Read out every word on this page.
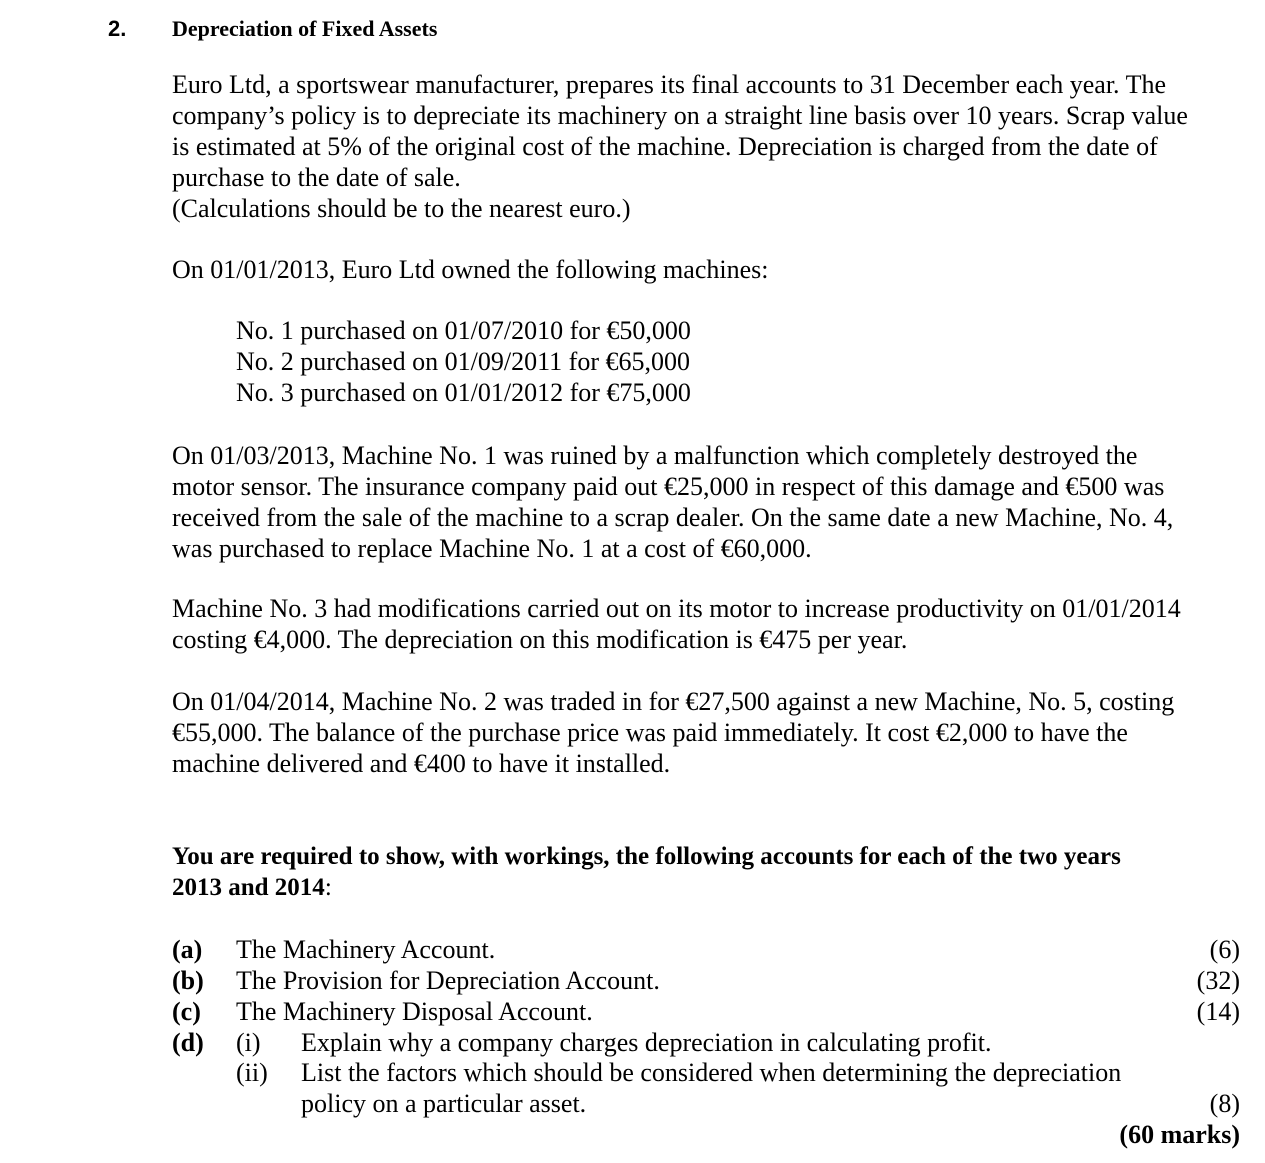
2. Depreciation of Fixed Assets
Euro Ltd, a sportswear manufacturer, prepares its final accounts to 31 December each year. The
company’s policy is to depreciate its machinery on a straight line basis over 10 years. Scrap value
is estimated at 5% of the original cost of the machine. Depreciation is charged from the date of
purchase to the date of sale.
(Calculations should be to the nearest euro.)
On 01/01/2013, Euro Ltd owned the following machines:
No. 1 purchased on 01/07/2010 for €50,000
No. 2 purchased on 01/09/2011 for €65,000
No. 3 purchased on 01/01/2012 for €75,000
On 01/03/2013, Machine No. 1 was ruined by a malfunction which completely destroyed the
motor sensor. The insurance company paid out €25,000 in respect of this damage and €500 was
received from the sale of the machine to a scrap dealer. On the same date a new Machine, No. 4,
was purchased to replace Machine No. 1 at a cost of €60,000.
Machine No. 3 had modifications carried out on its motor to increase productivity on 01/01/2014
costing €4,000. The depreciation on this modification is €475 per year.
On 01/04/2014, Machine No. 2 was traded in for €27,500 against a new Machine, No. 5, costing
€55,000. The balance of the purchase price was paid immediately. It cost €2,000 to have the
machine delivered and €400 to have it installed.
You are required to show, with workings, the following accounts for each of the two years
2013 and 2014:
(a) The Machinery Account.	(6)
(b) The Provision for Depreciation Account.	(32)
(c) The Machinery Disposal Account.	(14)
(d) (i) Explain why a company charges depreciation in calculating profit.
(ii) List the factors which should be considered when determining the depreciation
policy on a particular asset.	(8)
(60 marks)
